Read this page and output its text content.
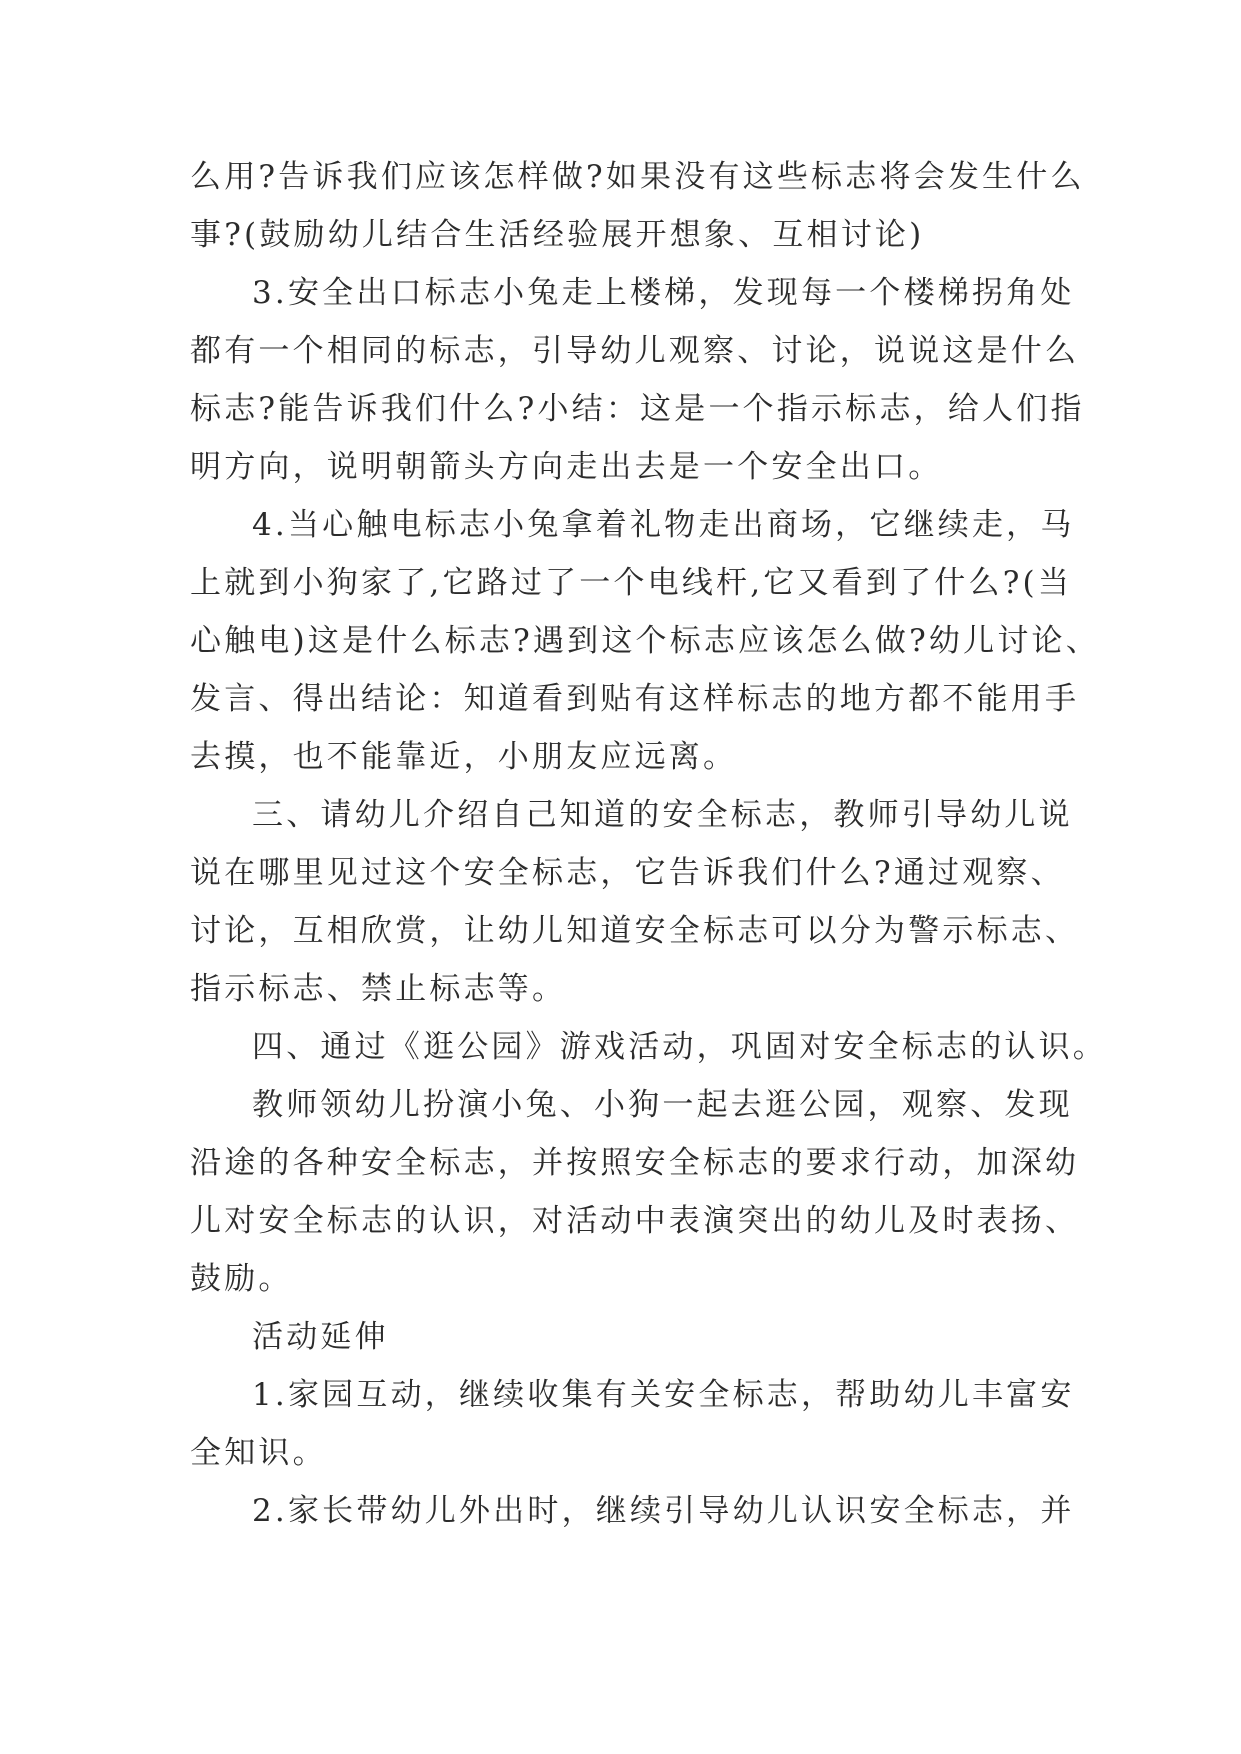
么用?告诉我们应该怎样做?如果没有这些标志将会发生什么
事?(鼓励幼儿结合生活经验展开想象、互相讨论)
3.安全出口标志小兔走上楼梯，发现每一个楼梯拐角处
都有一个相同的标志，引导幼儿观察、讨论，说说这是什么
标志?能告诉我们什么?小结：这是一个指示标志，给人们指
明方向，说明朝箭头方向走出去是一个安全出口。
4.当心触电标志小兔拿着礼物走出商场，它继续走，马
上就到小狗家了,它路过了一个电线杆,它又看到了什么?(当
心触电)这是什么标志?遇到这个标志应该怎么做?幼儿讨论、
发言、得出结论：知道看到贴有这样标志的地方都不能用手
去摸，也不能靠近，小朋友应远离。
三、请幼儿介绍自己知道的安全标志，教师引导幼儿说
说在哪里见过这个安全标志，它告诉我们什么?通过观察、
讨论，互相欣赏，让幼儿知道安全标志可以分为警示标志、
指示标志、禁止标志等。
四、通过《逛公园》游戏活动，巩固对安全标志的认识。
教师领幼儿扮演小兔、小狗一起去逛公园，观察、发现
沿途的各种安全标志，并按照安全标志的要求行动，加深幼
儿对安全标志的认识，对活动中表演突出的幼儿及时表扬、
鼓励。
活动延伸
1.家园互动，继续收集有关安全标志，帮助幼儿丰富安
全知识。
2.家长带幼儿外出时，继续引导幼儿认识安全标志，并
